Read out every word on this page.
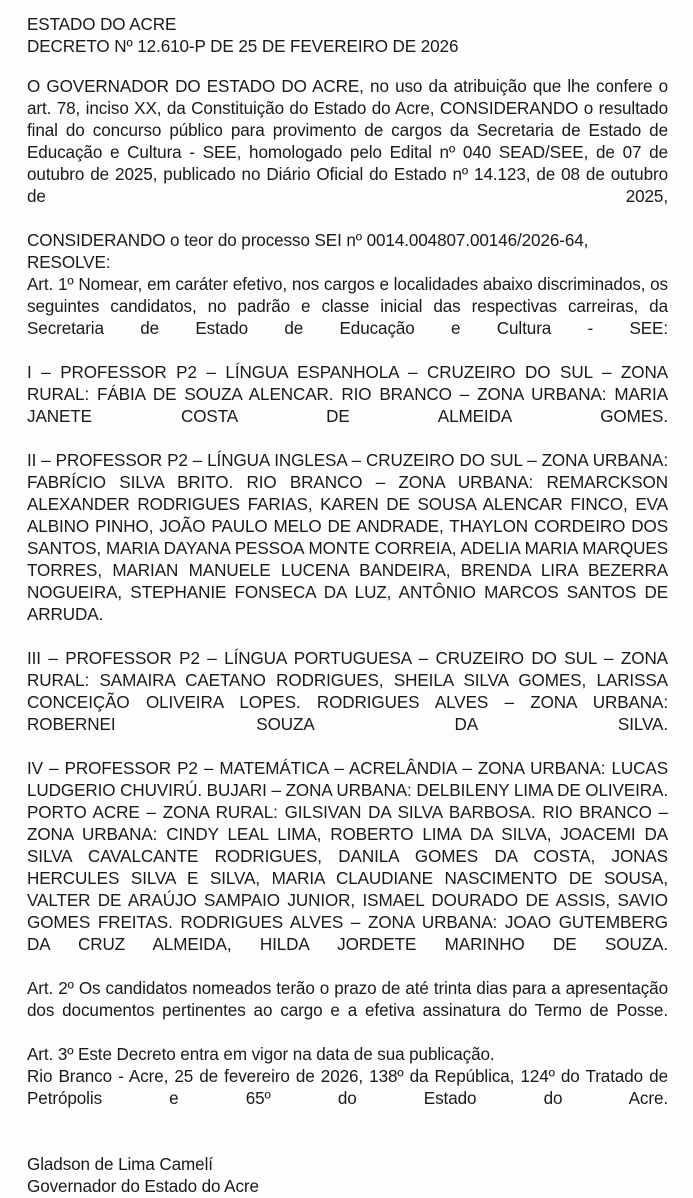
ESTADO DO ACRE
DECRETO Nº 12.610-P DE 25 DE FEVEREIRO DE 2026

O GOVERNADOR DO ESTADO DO ACRE, no uso da atribuição que lhe confere o art. 78, inciso XX, da Constituição do Estado do Acre, CONSIDERANDO o resultado final do concurso público para provimento de cargos da Secretaria de Estado de Educação e Cultura - SEE, homologado pelo Edital nº 040 SEAD/SEE, de 07 de outubro de 2025, publicado no Diário Oficial do Estado nº 14.123, de 08 de outubro de 2025,

CONSIDERANDO o teor do processo SEI nº 0014.004807.00146/2026-64,

RESOLVE:

Art. 1º Nomear, em caráter efetivo, nos cargos e localidades abaixo discriminados, os seguintes candidatos, no padrão e classe inicial das respectivas carreiras, da Secretaria de Estado de Educação e Cultura - SEE:

I – PROFESSOR P2 – LÍNGUA ESPANHOLA – CRUZEIRO DO SUL – ZONA RURAL: FÁBIA DE SOUZA ALENCAR. RIO BRANCO – ZONA URBANA: MARIA JANETE COSTA DE ALMEIDA GOMES.

II – PROFESSOR P2 – LÍNGUA INGLESA – CRUZEIRO DO SUL – ZONA URBANA: FABRÍCIO SILVA BRITO. RIO BRANCO – ZONA URBANA: REMARCKSON ALEXANDER RODRIGUES FARIAS, KAREN DE SOUSA ALENCAR FINCO, EVA ALBINO PINHO, JOÃO PAULO MELO DE ANDRADE, THAYLON CORDEIRO DOS SANTOS, MARIA DAYANA PESSOA MONTE CORREIA, ADELIA MARIA MARQUES TORRES, MARIAN MANUELE LUCENA BANDEIRA, BRENDA LIRA BEZERRA NOGUEIRA, STEPHANIE FONSECA DA LUZ, ANTÔNIO MARCOS SANTOS DE ARRUDA.

III – PROFESSOR P2 – LÍNGUA PORTUGUESA – CRUZEIRO DO SUL – ZONA RURAL: SAMAIRA CAETANO RODRIGUES, SHEILA SILVA GOMES, LARISSA CONCEIÇÃO OLIVEIRA LOPES. RODRIGUES ALVES – ZONA URBANA: ROBERNEI SOUZA DA SILVA.

IV – PROFESSOR P2 – MATEMÁTICA – ACRELÂNDIA – ZONA URBANA: LUCAS LUDGERIO CHUVIRÚ. BUJARI – ZONA URBANA: DELBILENY LIMA DE OLIVEIRA. PORTO ACRE – ZONA RURAL: GILSIVAN DA SILVA BARBOSA. RIO BRANCO – ZONA URBANA: CINDY LEAL LIMA, ROBERTO LIMA DA SILVA, JOACEMI DA SILVA CAVALCANTE RODRIGUES, DANILA GOMES DA COSTA, JONAS HERCULES SILVA E SILVA, MARIA CLAUDIANE NASCIMENTO DE SOUSA, VALTER DE ARAÚJO SAMPAIO JUNIOR, ISMAEL DOURADO DE ASSIS, SAVIO GOMES FREITAS. RODRIGUES ALVES – ZONA URBANA: JOAO GUTEMBERG DA CRUZ ALMEIDA, HILDA JORDETE MARINHO DE SOUZA.

Art. 2º Os candidatos nomeados terão o prazo de até trinta dias para a apresentação dos documentos pertinentes ao cargo e a efetiva assinatura do Termo de Posse.

Art. 3º Este Decreto entra em vigor na data de sua publicação.

Rio Branco - Acre, 25 de fevereiro de 2026, 138º da República, 124º do Tratado de Petrópolis e 65º do Estado do Acre.

Gladson de Lima Camelí
Governador do Estado do Acre
